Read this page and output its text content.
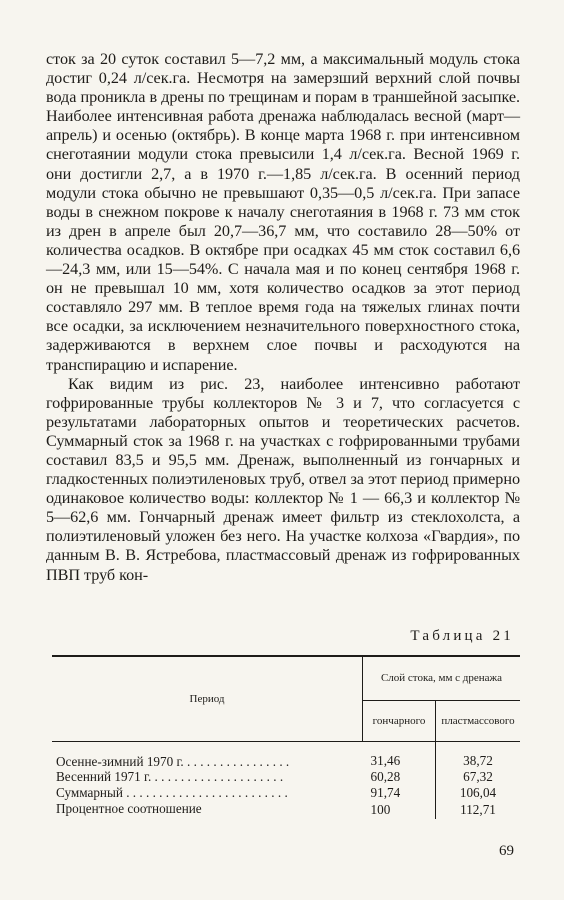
сток за 20 суток составил 5—7,2 мм, а максимальный модуль стока достиг 0,24 л/сек.га. Несмотря на замерзший верхний слой почвы вода проникла в дрены по трещинам и порам в траншейной засыпке. Наиболее интенсивная работа дренажа наблюдалась весной (март—апрель) и осенью (октябрь). В конце марта 1968 г. при интенсивном снеготаянии модули стока превысили 1,4 л/сек.га. Весной 1969 г. они достигли 2,7, а в 1970 г.—1,85 л/сек.га. В осенний период модули стока обычно не превышают 0,35—0,5 л/сек.га. При запасе воды в снежном покрове к началу снеготаяния в 1968 г. 73 мм сток из дрен в апреле был 20,7—36,7 мм, что составило 28—50% от количества осадков. В октябре при осадках 45 мм сток составил 6,6—24,3 мм, или 15—54%. С начала мая и по конец сентября 1968 г. он не превышал 10 мм, хотя количество осадков за этот период составляло 297 мм. В теплое время года на тяжелых глинах почти все осадки, за исключением незначительного поверхностного стока, задерживаются в верхнем слое почвы и расходуются на транспирацию и испарение.

Как видим из рис. 23, наиболее интенсивно работают гофрированные трубы коллекторов № 3 и 7, что согласуется с результатами лабораторных опытов и теоретических расчетов. Суммарный сток за 1968 г. на участках с гофрированными трубами составил 83,5 и 95,5 мм. Дренаж, выполненный из гончарных и гладкостенных полиэтиленовых труб, отвел за этот период примерно одинаковое количество воды: коллектор № 1 — 66,3 и коллектор № 5—62,6 мм. Гончарный дренаж имеет фильтр из стеклохолста, а полиэтиленовый уложен без него. На участке колхоза «Гвардия», по данным В. В. Ястребова, пластмассовый дренаж из гофрированных ПВП труб кон-

Таблица 21
Период	Слой стока, мм с дренажа	
	гончарного	пластмассового
Осенне-зимний 1970 г. . . . . . . . . . . . . . . . .	31,46	38,72
Весенний 1971 г. . . . . . . . . . . . . . . . . . . . .	60,28	67,32
Суммарный . . . . . . . . . . . . . . . . . . . . . . . . .	91,74	106,04
Процентное соотношение	100	112,71
69
